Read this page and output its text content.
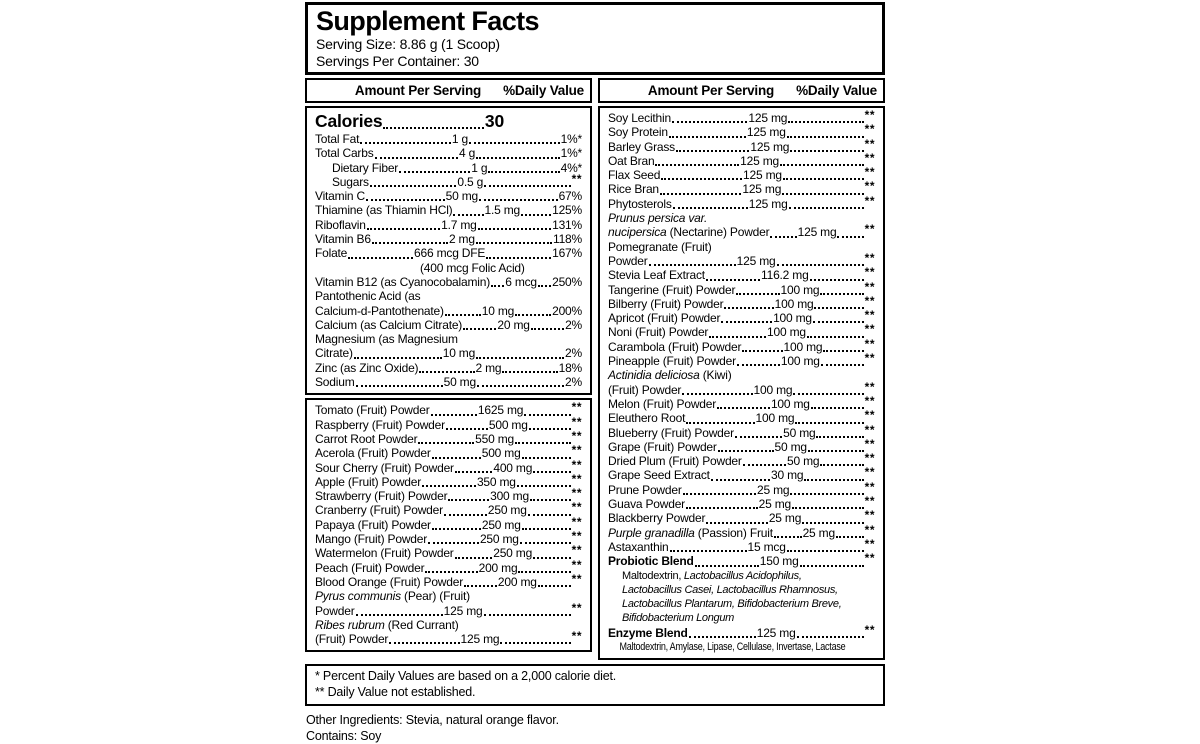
Supplement Facts
Serving Size: 8.86 g (1 Scoop)
Servings Per Container: 30
Amount Per Serving %Daily Value
Calories	30
Total Fat	1 g	1%*
Total Carbs	4 g	1%*
Dietary Fiber	1 g	4%*
Sugars	0.5 g	**
Vitamin C	50 mg	67%
Thiamine (as Thiamin HCl)	1.5 mg	125%
Riboflavin	1.7 mg	131%
Vitamin B6	2 mg	118%
Folate	666 mcg DFE	167%
(400 mcg Folic Acid)
Vitamin B12 (as Cyanocobalamin) 6 mcg 250%
Pantothenic Acid (as
Calcium-d-Pantothenate)	10 mg	200%
Calcium (as Calcium Citrate)	20 mg	2%
Magnesium (as Magnesium
Citrate)	10 mg	2%
Zinc (as Zinc Oxide)	2 mg	18%
Sodium	50 mg	2%
Tomato (Fruit) Powder	1625 mg	**
Raspberry (Fruit) Powder	500 mg	**
Carrot Root Powder	550 mg	**
Acerola (Fruit) Powder	500 mg	**
Sour Cherry (Fruit) Powder	400 mg	**
Apple (Fruit) Powder	350 mg	**
Strawberry (Fruit) Powder	300 mg	**
Cranberry (Fruit) Powder	250 mg	**
Papaya (Fruit) Powder	250 mg	**
Mango (Fruit) Powder	250 mg	**
Watermelon (Fruit) Powder	250 mg	**
Peach (Fruit) Powder	200 mg	**
Blood Orange (Fruit) Powder	200 mg	**
Pyrus communis (Pear) (Fruit)
Powder	125 mg	**
Ribes rubrum (Red Currant)
(Fruit) Powder	125 mg	**
Amount Per Serving %Daily Value
Soy Lecithin	125 mg	**
Soy Protein	125 mg	**
Barley Grass	125 mg	**
Oat Bran	125 mg	**
Flax Seed	125 mg	**
Rice Bran	125 mg	**
Phytosterols	125 mg	**
Prunus persica var.
nucipersica (Nectarine) Powder 125 mg **
Pomegranate (Fruit)
Powder	125 mg	**
Stevia Leaf Extract	116.2 mg	**
Tangerine (Fruit) Powder	100 mg	**
Bilberry (Fruit) Powder	100 mg	**
Apricot (Fruit) Powder	100 mg	**
Noni (Fruit) Powder	100 mg	**
Carambola (Fruit) Powder	100 mg	**
Pineapple (Fruit) Powder	100 mg	**
Actinidia deliciosa (Kiwi)
(Fruit) Powder	100 mg	**
Melon (Fruit) Powder	100 mg	**
Eleuthero Root	100 mg	**
Blueberry (Fruit) Powder	50 mg	**
Grape (Fruit) Powder	50 mg	**
Dried Plum (Fruit) Powder	50 mg	**
Grape Seed Extract	30 mg	**
Prune Powder	25 mg	**
Guava Powder	25 mg	**
Blackberry Powder	25 mg	**
Purple granadilla (Passion) Fruit 25 mg **
Astaxanthin	15 mcg	**
Probiotic Blend	150 mg	**
Maltodextrin, Lactobacillus Acidophilus,
Lactobacillus Casei, Lactobacillus Rhamnosus,
Lactobacillus Plantarum, Bifidobacterium Breve,
Bifidobacterium Longum
Enzyme Blend	125 mg	**
Maltodextrin, Amylase, Lipase, Cellulase, Invertase, Lactase
* Percent Daily Values are based on a 2,000 calorie diet.
** Daily Value not established.
Other Ingredients: Stevia, natural orange flavor.
Contains: Soy
